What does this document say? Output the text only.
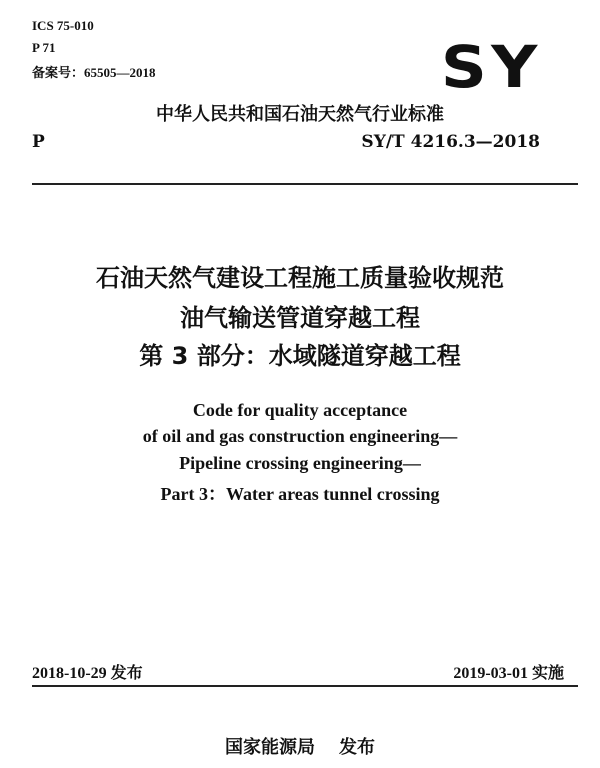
ICS 75-010
P 71
备案号：65505—2018	SY
中华人民共和国石油天然气行业标准
P	SY/T 4216.3—2018
石油天然气建设工程施工质量验收规范
油气输送管道穿越工程
第 3 部分：水域隧道穿越工程
Code for quality acceptance
of oil and gas construction engineering—
Pipeline crossing engineering—
Part 3：Water areas tunnel crossing
2018-10-29 发布	2019-03-01 实施
国家能源局 发布
